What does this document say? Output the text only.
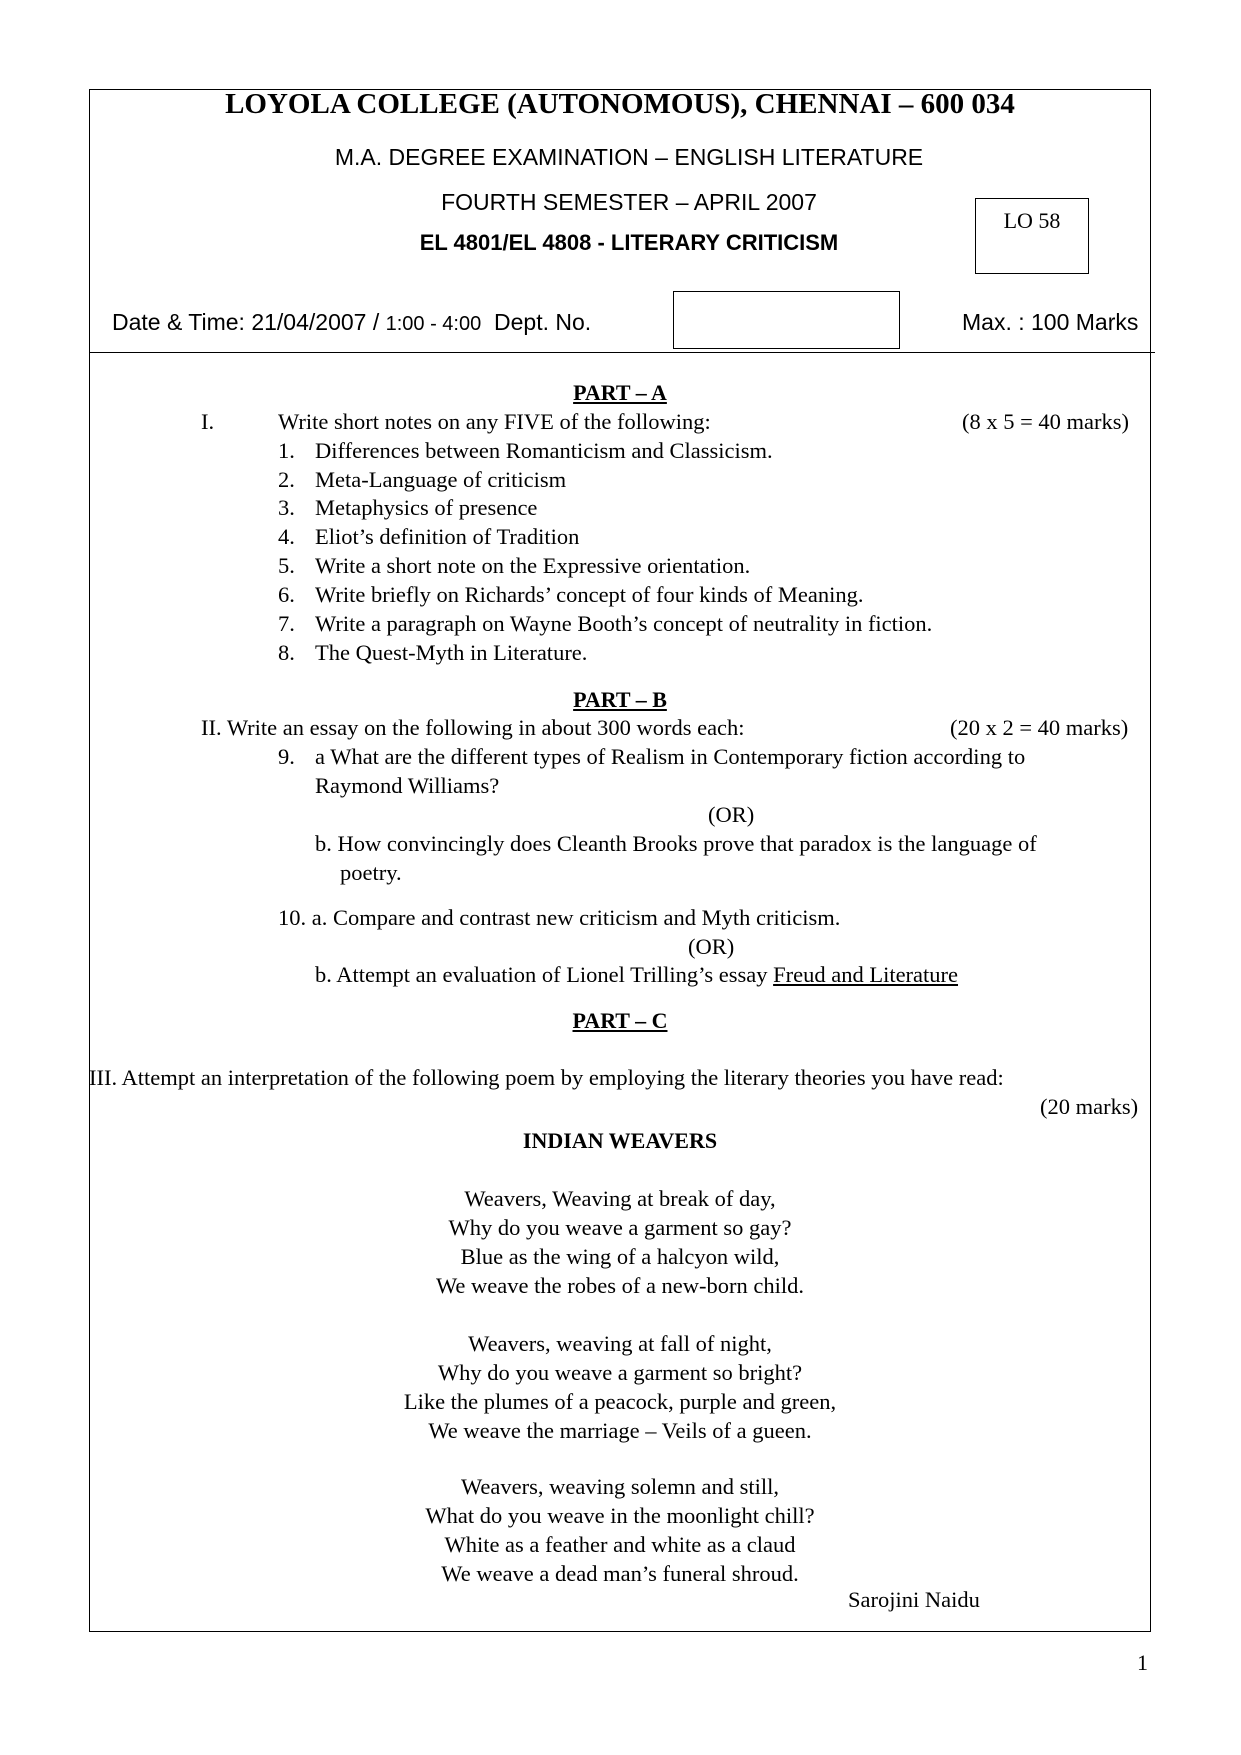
LOYOLA COLLEGE (AUTONOMOUS), CHENNAI – 600 034
M.A. DEGREE EXAMINATION – ENGLISH LITERATURE
FOURTH SEMESTER – APRIL 2007
EL 4801/EL 4808 - LITERARY CRITICISM
LO 58
Date & Time: 21/04/2007 / 1:00 - 4:00 Dept. No.	Max. : 100 Marks
PART – A
I.	Write short notes on any FIVE of the following:	(8 x 5 = 40 marks)
1. Differences between Romanticism and Classicism.
2. Meta-Language of criticism
3. Metaphysics of presence
4. Eliot’s definition of Tradition
5. Write a short note on the Expressive orientation.
6. Write briefly on Richards’ concept of four kinds of Meaning.
7. Write a paragraph on Wayne Booth’s concept of neutrality in fiction.
8. The Quest-Myth in Literature.
PART – B
II. Write an essay on the following in about 300 words each:	(20 x 2 = 40 marks)
9. a What are the different types of Realism in Contemporary fiction according to
Raymond Williams?
(OR)
b. How convincingly does Cleanth Brooks prove that paradox is the language of
poetry.
10. a. Compare and contrast new criticism and Myth criticism.
(OR)
b. Attempt an evaluation of Lionel Trilling’s essay Freud and Literature
PART – C
III. Attempt an interpretation of the following poem by employing the literary theories you have read:
(20 marks)
INDIAN WEAVERS
Weavers, Weaving at break of day,
Why do you weave a garment so gay?
Blue as the wing of a halcyon wild,
We weave the robes of a new-born child.
Weavers, weaving at fall of night,
Why do you weave a garment so bright?
Like the plumes of a peacock, purple and green,
We weave the marriage – Veils of a gueen.
Weavers, weaving solemn and still,
What do you weave in the moonlight chill?
White as a feather and white as a claud
We weave a dead man’s funeral shroud.
Sarojini Naidu
1
